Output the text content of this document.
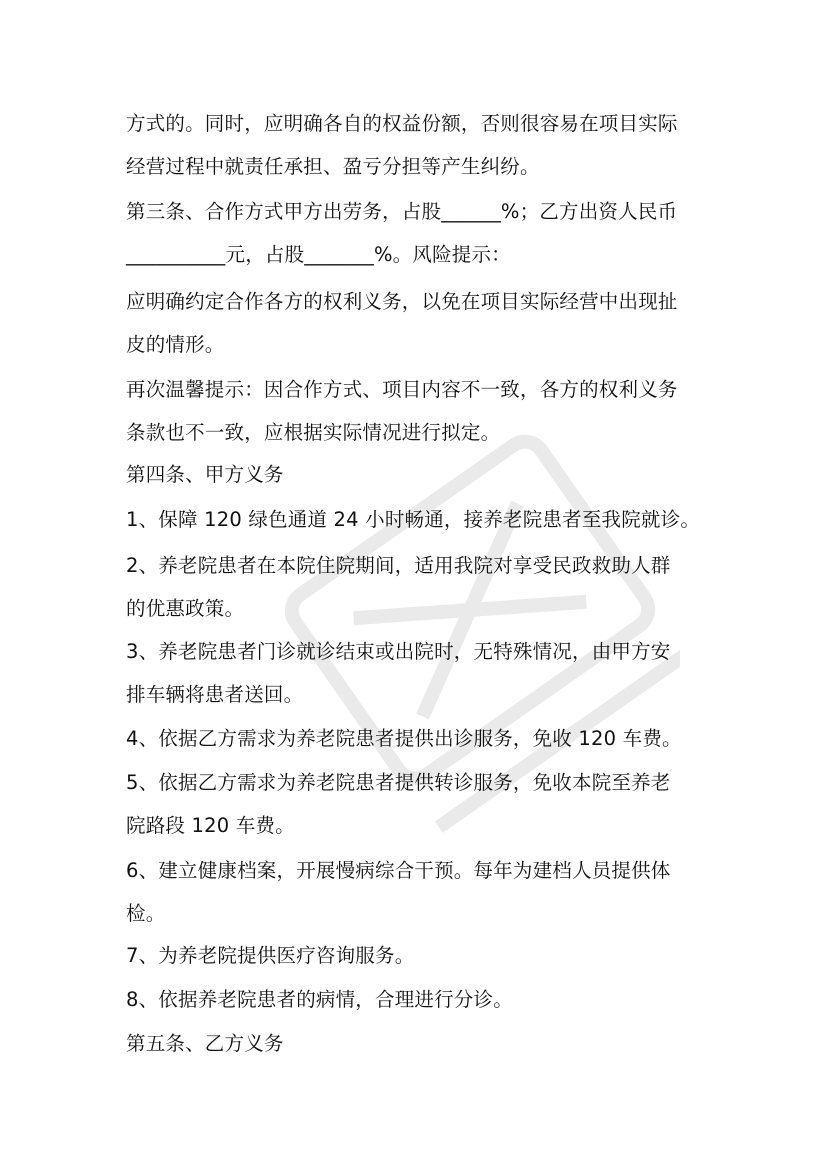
方式的。同时，应明确各自的权益份额，否则很容易在项目实际
经营过程中就责任承担、盈亏分担等产生纠纷。
第三条、合作方式甲方出劳务，占股______%；乙方出资人民币
__________元，占股_______%。风险提示：
应明确约定合作各方的权利义务，以免在项目实际经营中出现扯
皮的情形。
再次温馨提示：因合作方式、项目内容不一致，各方的权利义务
条款也不一致，应根据实际情况进行拟定。
第四条、甲方义务
1、保障 120 绿色通道 24 小时畅通，接养老院患者至我院就诊。
2、养老院患者在本院住院期间，适用我院对享受民政救助人群
的优惠政策。
3、养老院患者门诊就诊结束或出院时，无特殊情况，由甲方安
排车辆将患者送回。
4、依据乙方需求为养老院患者提供出诊服务，免收 120 车费。
5、依据乙方需求为养老院患者提供转诊服务，免收本院至养老
院路段 120 车费。
6、建立健康档案，开展慢病综合干预。每年为建档人员提供体
检。
7、为养老院提供医疗咨询服务。
8、依据养老院患者的病情，合理进行分诊。
第五条、乙方义务
